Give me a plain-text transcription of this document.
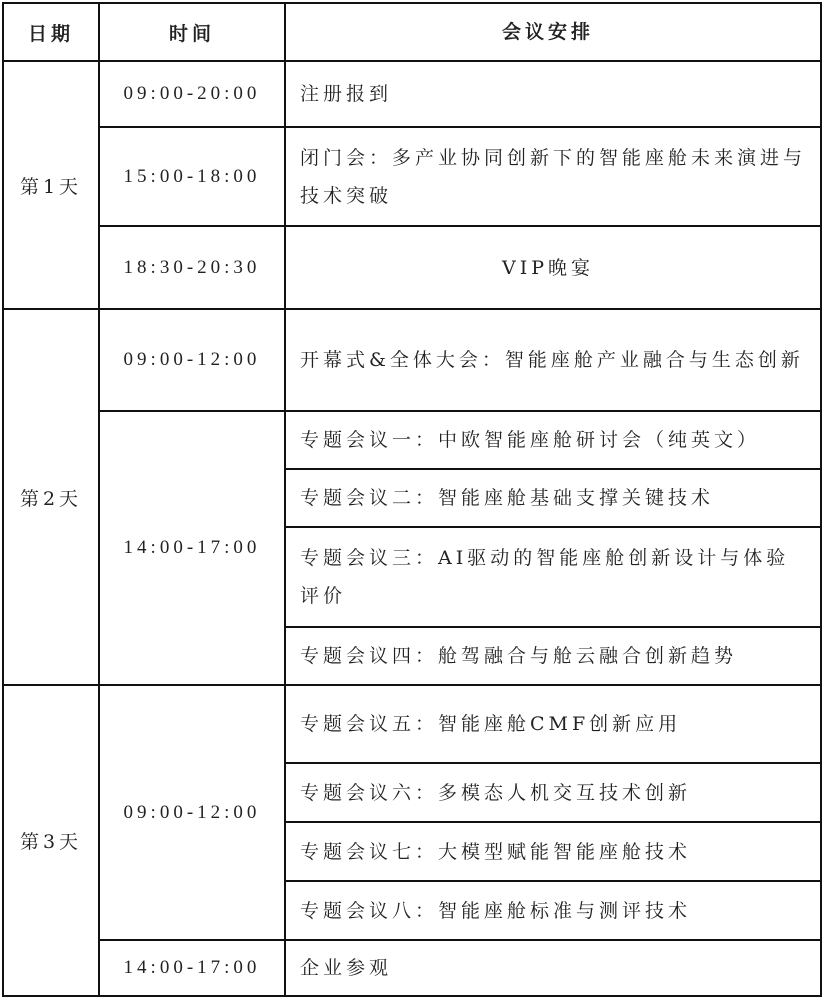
日期	时间	会议安排
第1天	09:00-20:00	注册报到
	15:00-18:00	闭门会：多产业协同创新下的智能座舱未来演进与技术突破
	18:30-20:30	VIP晚宴
第2天	09:00-12:00	开幕式&全体大会：智能座舱产业融合与生态创新
	14:00-17:00	专题会议一：中欧智能座舱研讨会（纯英文）
		专题会议二：智能座舱基础支撑关键技术
		专题会议三：AI驱动的智能座舱创新设计与体验评价
		专题会议四：舱驾融合与舱云融合创新趋势
第3天	09:00-12:00	专题会议五：智能座舱CMF创新应用
		专题会议六：多模态人机交互技术创新
		专题会议七：大模型赋能智能座舱技术
		专题会议八：智能座舱标准与测评技术
	14:00-17:00	企业参观
